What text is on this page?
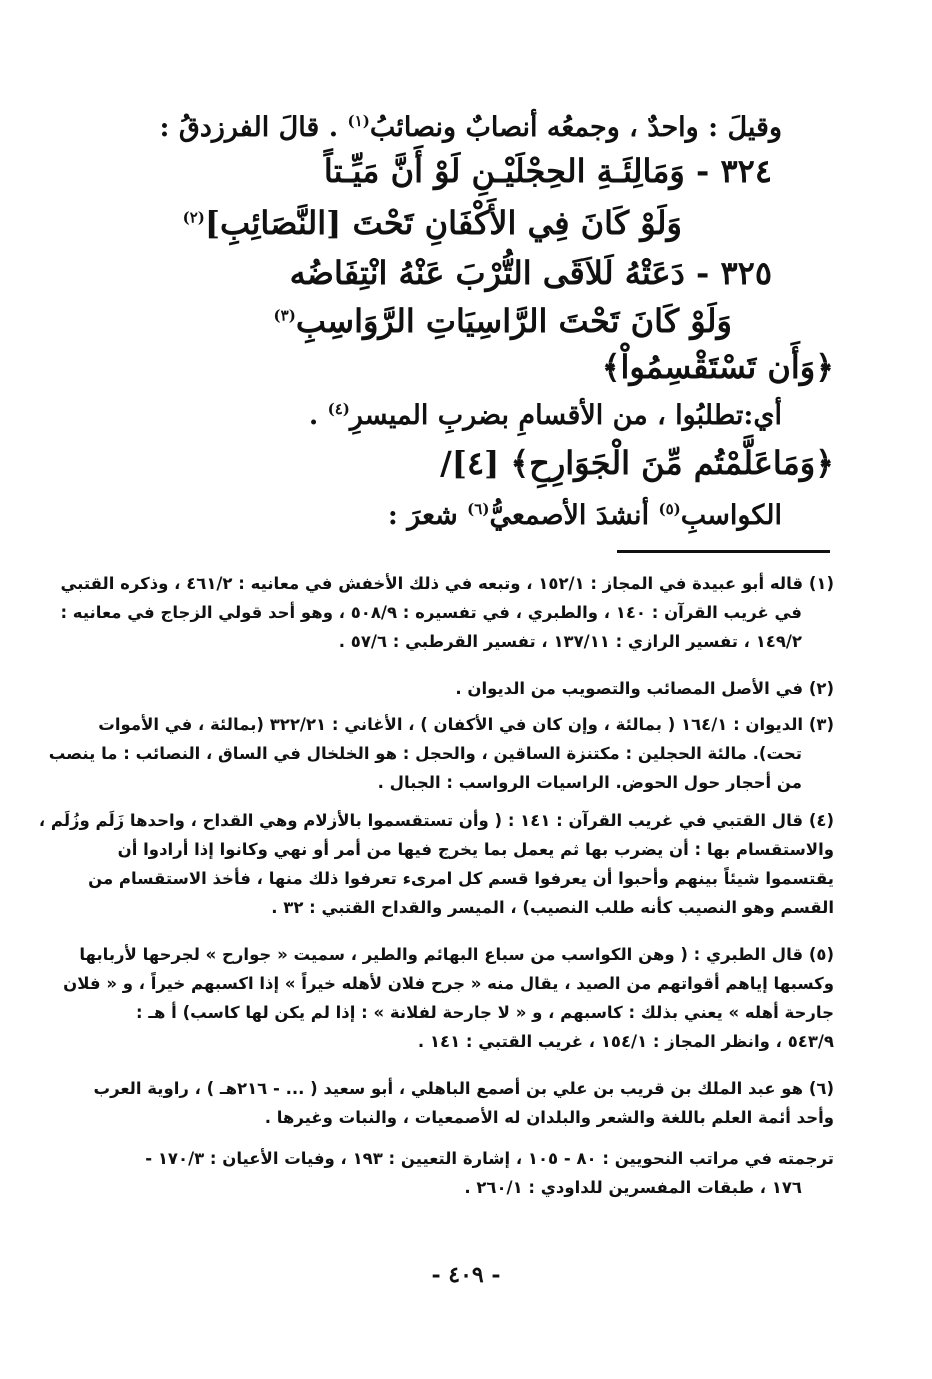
وقيلَ : واحدٌ ، وجمعُه أنصابٌ ونصائبُ$^{(١)}$ . قالَ الفرزدقُ :
٣٢٤ - وَمَالِئَـةِ الحِجْلَيْـنِ لَوْ أَنَّ مَيِّـتاً
وَلَوْ كَانَ فِي الأَكْفَانِ تَحْتَ [النَّصَائِبِ]$^{(٢)}$
٣٢٥ - دَعَتْهُ لَلاَقَى التُّرْبَ عَنْهُ انْتِفَاضُه
وَلَوْ كَانَ تَحْتَ الرَّاسِيَاتِ الرَّوَاسِبِ$^{(٣)}$
﴿وَأَن تَسْتَقْسِمُواْ﴾
أي:تطلبُوا ، من الأقسامِ بضربِ الميسرِ$^{(٤)}$ .
﴿وَمَاعَلَّمْتُم مِّنَ الْجَوَارِحِ﴾ [٤]/
الكواسبِ$^{(٥)}$ أنشدَ الأصمعيُّ$^{(٦)}$ شعرَ :
(١) قاله أبو عبيدة في المجاز : ١٥٢/١ ، وتبعه في ذلك الأخفش في معانيه : ٤٦١/٢ ، وذكره القتبي
في غريب القرآن : ١٤٠ ، والطبري ، في تفسيره : ٥٠٨/٩ ، وهو أحد قولي الزجاج في معانيه :
١٤٩/٢ ، تفسير الرازي : ١٣٧/١١ ، تفسير القرطبي : ٥٧/٦ .
(٢) في الأصل المصائب والتصويب من الديوان .
(٣) الديوان : ١٦٤/١ ( بمالئة ، وإن كان في الأكفان ) ، الأغاني : ٣٢٢/٢١ (بمالئة ، في الأموات
تحت). مالئة الحجلين : مكتنزة الساقين ، والحجل : هو الخلخال في الساق ، النصائب : ما ينصب
من أحجار حول الحوض. الراسيات الرواسب : الجبال .
(٤) قال القتبي في غريب القرآن : ١٤١ : ( وأن تستقسموا بالأزلام وهي القداح ، واحدها زَلَم وزُلَم ،
والاستقسام بها : أن يضرب بها ثم يعمل بما يخرج فيها من أمر أو نهي وكانوا إذا أرادوا أن
يقتسموا شيئاً بينهم وأحبوا أن يعرفوا قسم كل امرىء تعرفوا ذلك منها ، فأخذ الاستقسام من
القسم وهو النصيب كأنه طلب النصيب) ، الميسر والقداح القتبي : ٣٢ .
(٥) قال الطبري : ( وهن الكواسب من سباع البهائم والطير ، سميت « جوارح » لجرحها لأربابها
وكسبها إياهم أقواتهم من الصيد ، يقال منه « جرح فلان لأهله خيراً » إذا اكسبهم خيراً ، و « فلان
جارحة أهله » يعني بذلك : كاسبهم ، و « لا جارحة لفلانة » : إذا لم يكن لها كاسب) أ هـ :
٥٤٣/٩ ، وانظر المجاز : ١٥٤/١ ، غريب القتبي : ١٤١ .
(٦) هو عبد الملك بن قريب بن علي بن أصمع الباهلي ، أبو سعيد ( ... - ٢١٦هـ ) ، راوية العرب
وأحد أئمة العلم باللغة والشعر والبلدان له الأصمعيات ، والنبات وغيرها .
ترجمته في مراتب النحويين : ٨٠ - ١٠٥ ، إشارة التعيين : ١٩٣ ، وفيات الأعيان : ١٧٠/٣ -
١٧٦ ، طبقات المفسرين للداودي : ٢٦٠/١ .
- ٤٠٩ -
